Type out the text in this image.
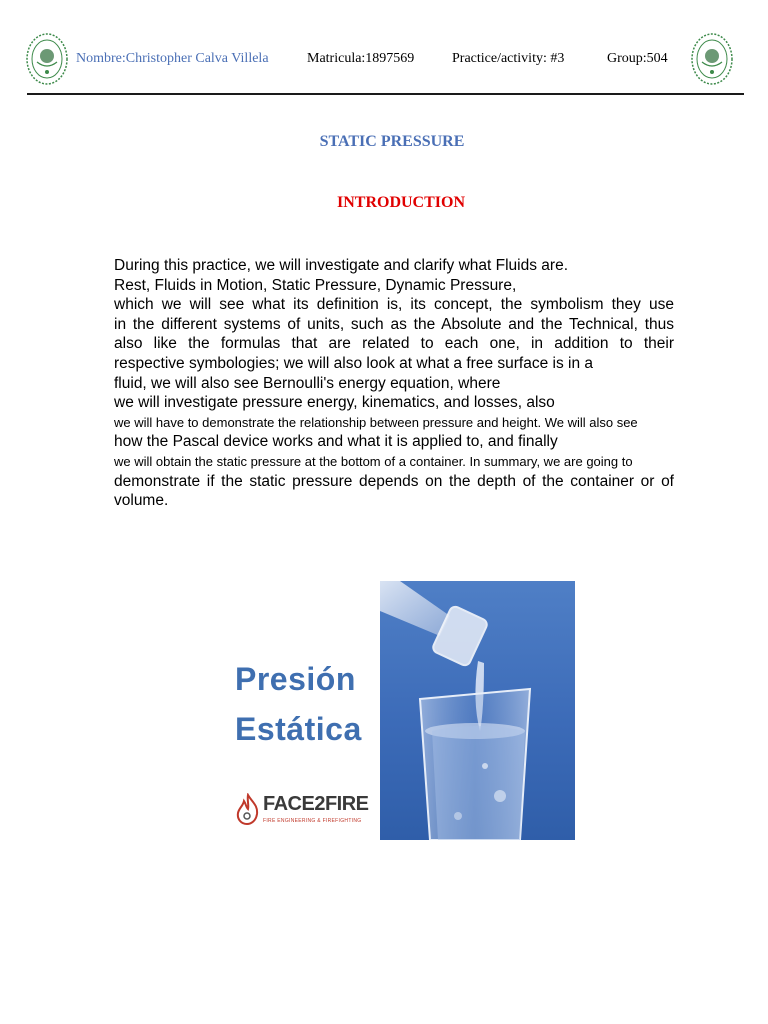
Nombre:Christopher Calva Villela	Matricula:1897569	Practice/activity: #3	Group:504
STATIC PRESSURE
INTRODUCTION
During this practice, we will investigate and clarify what Fluids are.
Rest, Fluids in Motion, Static Pressure, Dynamic Pressure,
which we will see what its definition is, its concept, the symbolism they use
in the different systems of units, such as the Absolute and the Technical, thus
also like the formulas that are related to each one, in addition to their
respective symbologies; we will also look at what a free surface is in a
fluid, we will also see Bernoulli's energy equation, where
we will investigate pressure energy, kinematics, and losses, also
we will have to demonstrate the relationship between pressure and height. We will also see
how the Pascal device works and what it is applied to, and finally
we will obtain the static pressure at the bottom of a container. In summary, we are going to
demonstrate if the static pressure depends on the depth of the container or of
volume.
Presión
Estática
FACE2FIRE
FIRE ENGINEERING & FIREFIGHTING
